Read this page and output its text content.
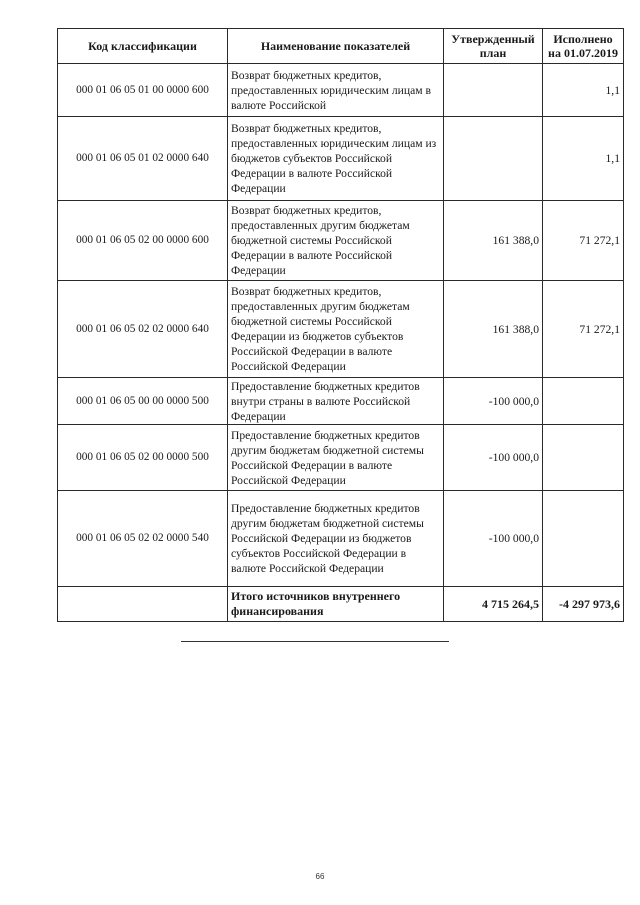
Код классификации	Наименование показателей	Утвержденный план	Исполнено на 01.07.2019
000 01 06 05 01 00 0000 600	Возврат бюджетных кредитов, предоставленных юридическим лицам в валюте Российской		1,1
000 01 06 05 01 02 0000 640	Возврат бюджетных кредитов, предоставленных юридическим лицам из бюджетов субъектов Российской Федерации в валюте Российской Федерации		1,1
000 01 06 05 02 00 0000 600	Возврат бюджетных кредитов, предоставленных другим бюджетам бюджетной системы Российской Федерации в валюте Российской Федерации	161 388,0	71 272,1
000 01 06 05 02 02 0000 640	Возврат бюджетных кредитов, предоставленных другим бюджетам бюджетной системы Российской Федерации из бюджетов субъектов Российской Федерации в валюте Российской Федерации	161 388,0	71 272,1
000 01 06 05 00 00 0000 500	Предоставление бюджетных кредитов внутри страны в валюте Российской Федерации	-100 000,0	
000 01 06 05 02 00 0000 500	Предоставление бюджетных кредитов другим бюджетам бюджетной системы Российской Федерации в валюте Российской Федерации	-100 000,0	
000 01 06 05 02 02 0000 540	Предоставление бюджетных кредитов другим бюджетам бюджетной системы Российской Федерации из бюджетов субъектов Российской Федерации в валюте Российской Федерации	-100 000,0	
	Итого источников внутреннего финансирования	4 715 264,5	-4 297 973,6
66
